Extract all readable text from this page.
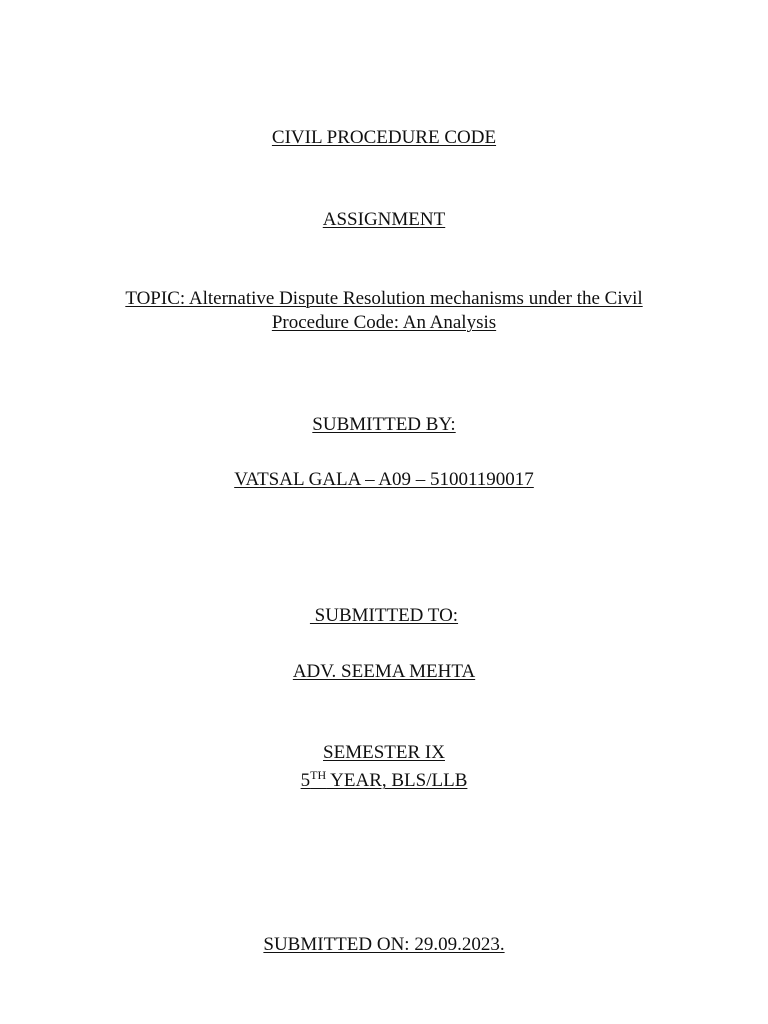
CIVIL PROCEDURE CODE
ASSIGNMENT
TOPIC: Alternative Dispute Resolution mechanisms under the Civil
Procedure Code: An Analysis
SUBMITTED BY:
VATSAL GALA – A09 – 51001190017
SUBMITTED TO:
ADV. SEEMA MEHTA
SEMESTER IX
5TH YEAR, BLS/LLB
SUBMITTED ON: 29.09.2023.
